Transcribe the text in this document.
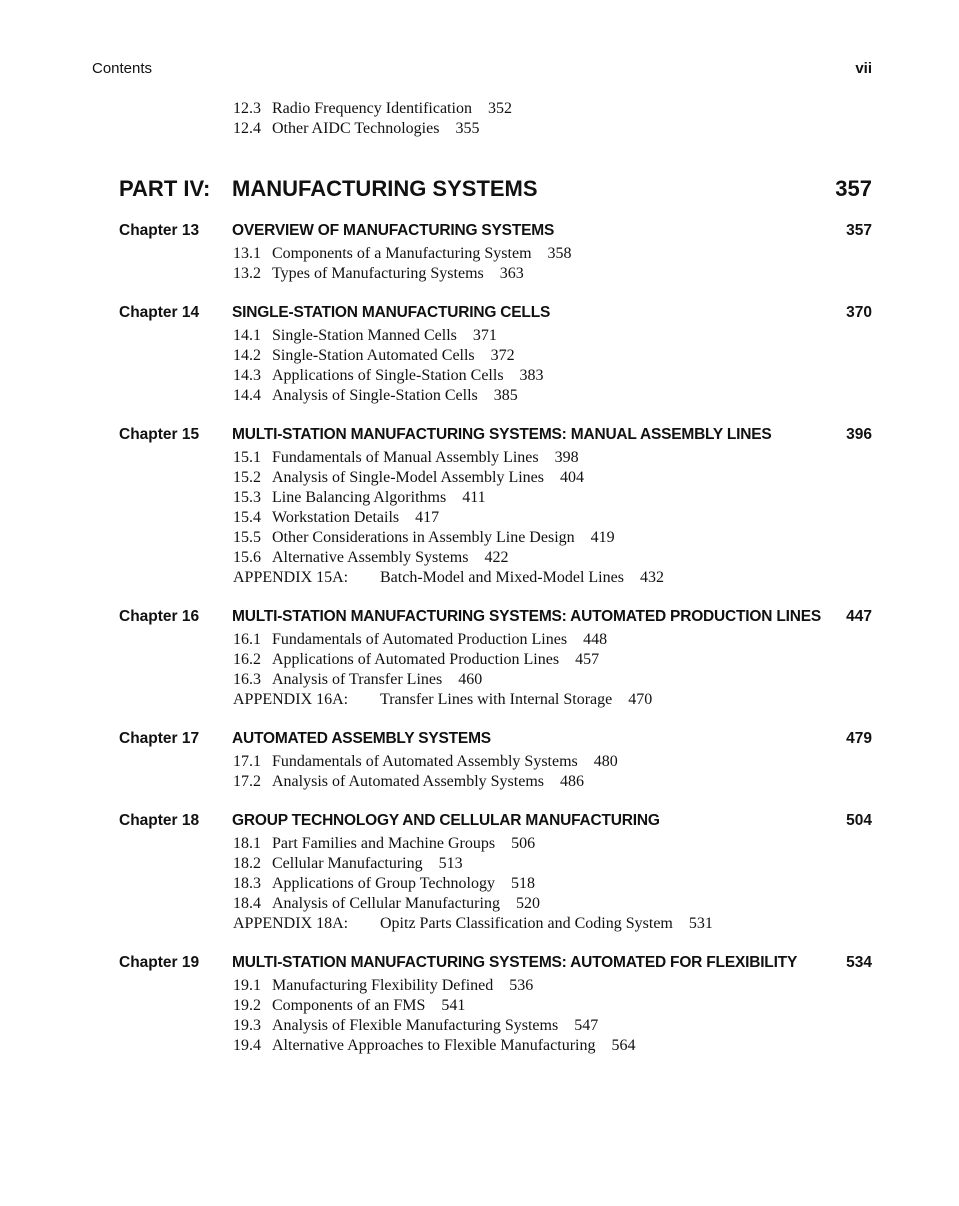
Contents	vii
12.3 Radio Frequency Identification 352
12.4 Other AIDC Technologies 355
PART IV: MANUFACTURING SYSTEMS	357
Chapter 13 OVERVIEW OF MANUFACTURING SYSTEMS	357
13.1 Components of a Manufacturing System 358
13.2 Types of Manufacturing Systems 363
Chapter 14 SINGLE-STATION MANUFACTURING CELLS	370
14.1 Single-Station Manned Cells 371
14.2 Single-Station Automated Cells 372
14.3 Applications of Single-Station Cells 383
14.4 Analysis of Single-Station Cells 385
Chapter 15 MULTI-STATION MANUFACTURING SYSTEMS: MANUAL ASSEMBLY LINES	396
15.1 Fundamentals of Manual Assembly Lines 398
15.2 Analysis of Single-Model Assembly Lines 404
15.3 Line Balancing Algorithms 411
15.4 Workstation Details 417
15.5 Other Considerations in Assembly Line Design 419
15.6 Alternative Assembly Systems 422
APPENDIX 15A: Batch-Model and Mixed-Model Lines 432
Chapter 16 MULTI-STATION MANUFACTURING SYSTEMS: AUTOMATED PRODUCTION LINES 447
16.1 Fundamentals of Automated Production Lines 448
16.2 Applications of Automated Production Lines 457
16.3 Analysis of Transfer Lines 460
APPENDIX 16A: Transfer Lines with Internal Storage 470
Chapter 17 AUTOMATED ASSEMBLY SYSTEMS	479
17.1 Fundamentals of Automated Assembly Systems 480
17.2 Analysis of Automated Assembly Systems 486
Chapter 18 GROUP TECHNOLOGY AND CELLULAR MANUFACTURING	504
18.1 Part Families and Machine Groups 506
18.2 Cellular Manufacturing 513
18.3 Applications of Group Technology 518
18.4 Analysis of Cellular Manufacturing 520
APPENDIX 18A: Opitz Parts Classification and Coding System 531
Chapter 19 MULTI-STATION MANUFACTURING SYSTEMS: AUTOMATED FOR FLEXIBILITY	534
19.1 Manufacturing Flexibility Defined 536
19.2 Components of an FMS 541
19.3 Analysis of Flexible Manufacturing Systems 547
19.4 Alternative Approaches to Flexible Manufacturing 564
